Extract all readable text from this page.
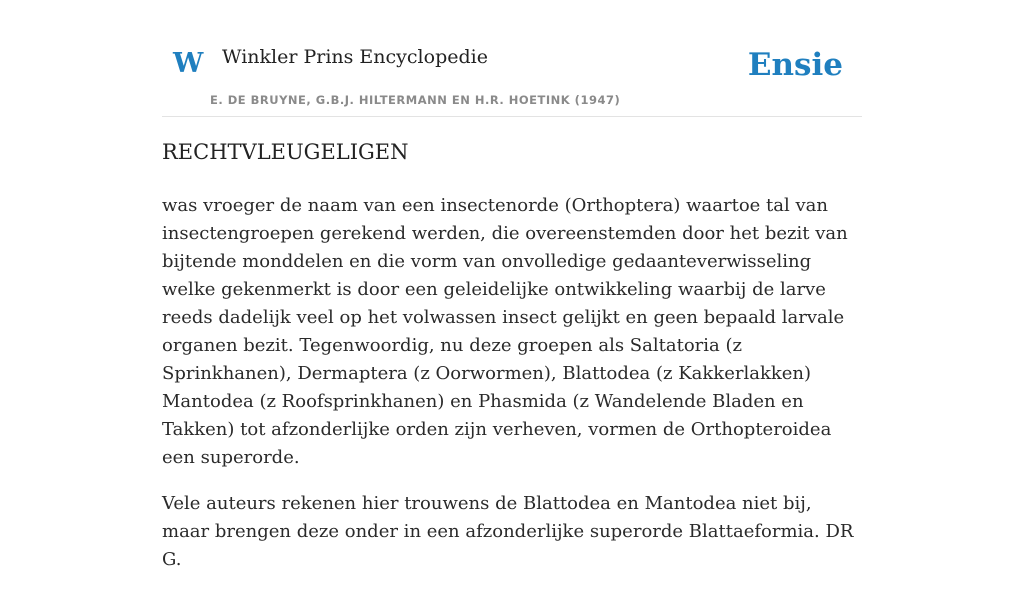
W Winkler Prins Encyclopedie
E. DE BRUYNE, G.B.J. HILTERMANN EN H.R. HOETINK (1947)
Ensie
RECHTVLEUGELIGEN

was vroeger de naam van een insectenorde (Orthoptera) waartoe tal van insectengroepen gerekend werden, die overeenstemden door het bezit van bijtende monddelen en die vorm van onvolledige gedaanteverwisseling welke gekenmerkt is door een geleidelijke ontwikkeling waarbij de larve reeds dadelijk veel op het volwassen insect gelijkt en geen bepaald larvale organen bezit. Tegenwoordig, nu deze groepen als Saltatoria (z Sprinkhanen), Dermaptera (z Oorwormen), Blattodea (z Kakkerlakken) Mantodea (z Roofsprinkhanen) en Phasmida (z Wandelende Bladen en Takken) tot afzonderlijke orden zijn verheven, vormen de Orthopteroidea een superorde.

Vele auteurs rekenen hier trouwens de Blattodea en Mantodea niet bij, maar brengen deze onder in een afzonderlijke superorde Blattaeformia. DR G.
